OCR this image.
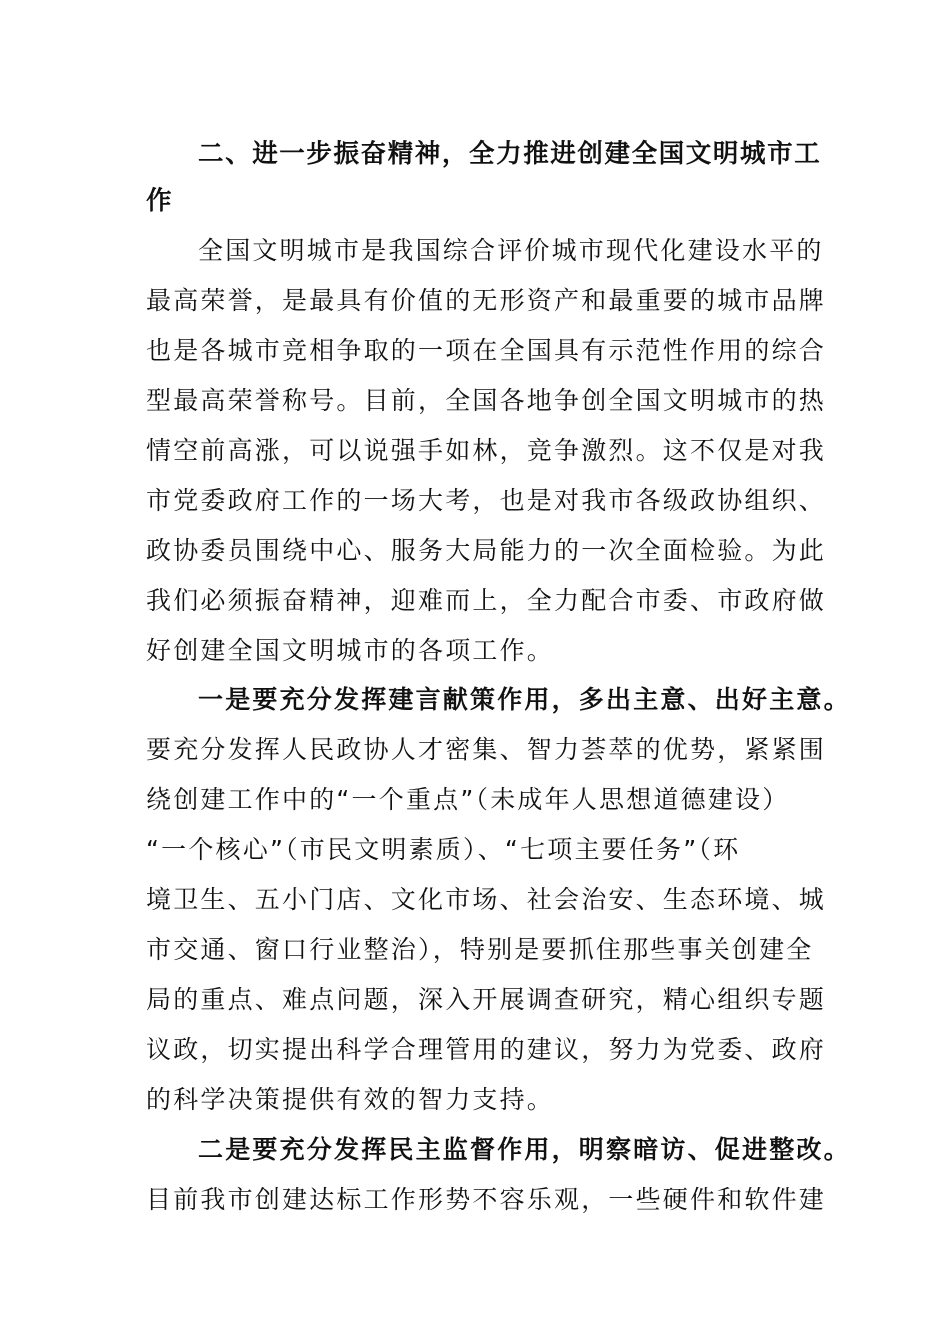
二、进一步振奋精神，全力推进创建全国文明城市工
作
全国文明城市是我国综合评价城市现代化建设水平的
最高荣誉，是最具有价值的无形资产和最重要的城市品牌
也是各城市竞相争取的一项在全国具有示范性作用的综合
型最高荣誉称号。目前，全国各地争创全国文明城市的热
情空前高涨，可以说强手如林，竞争激烈。这不仅是对我
市党委政府工作的一场大考，也是对我市各级政协组织、
政协委员围绕中心、服务大局能力的一次全面检验。为此
我们必须振奋精神，迎难而上，全力配合市委、市政府做
好创建全国文明城市的各项工作。
一是要充分发挥建言献策作用，多出主意、出好主意。
要充分发挥人民政协人才密集、智力荟萃的优势，紧紧围
绕创建工作中的“一个重点”（未成年人思想道德建设）
“一个核心”（市民文明素质）、“七项主要任务”（环
境卫生、五小门店、文化市场、社会治安、生态环境、城
市交通、窗口行业整治），特别是要抓住那些事关创建全
局的重点、难点问题，深入开展调查研究，精心组织专题
议政，切实提出科学合理管用的建议，努力为党委、政府
的科学决策提供有效的智力支持。
二是要充分发挥民主监督作用，明察暗访、促进整改。
目前我市创建达标工作形势不容乐观，一些硬件和软件建
